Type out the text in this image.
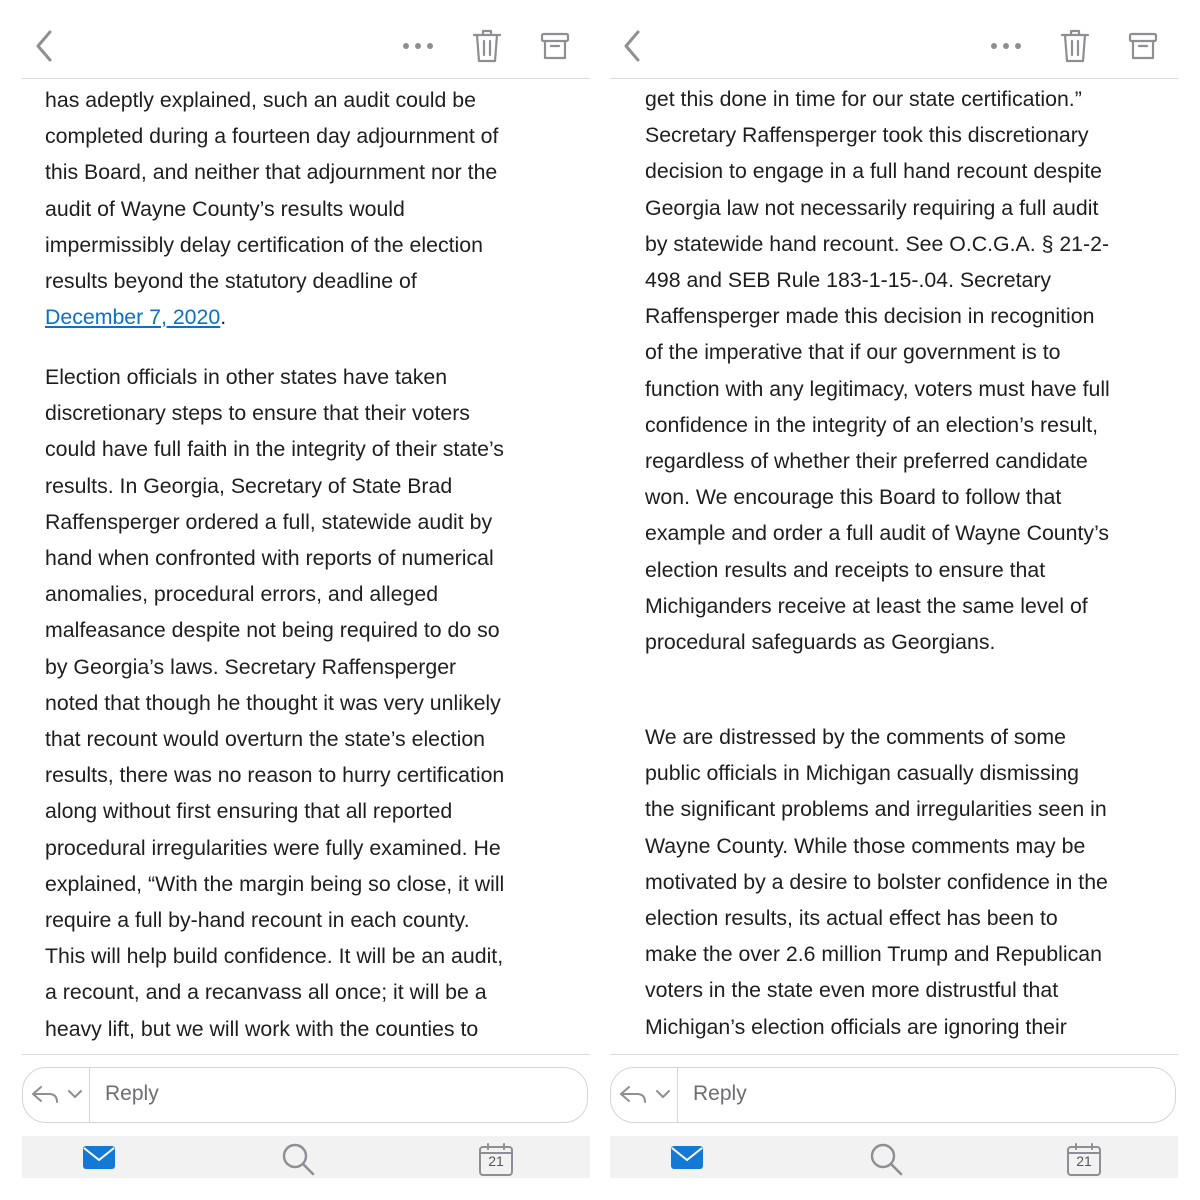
has adeptly explained, such an audit could be

completed during a fourteen day adjournment of

this Board, and neither that adjournment nor the

audit of Wayne County’s results would

impermissibly delay certification of the election

results beyond the statutory deadline of

December 7, 2020.

Election officials in other states have taken

discretionary steps to ensure that their voters

could have full faith in the integrity of their state’s

results. In Georgia, Secretary of State Brad

Raffensperger ordered a full, statewide audit by

hand when confronted with reports of numerical

anomalies, procedural errors, and alleged

malfeasance despite not being required to do so

by Georgia’s laws. Secretary Raffensperger

noted that though he thought it was very unlikely

that recount would overturn the state’s election

results, there was no reason to hurry certification

along without first ensuring that all reported

procedural irregularities were fully examined. He

explained, “With the margin being so close, it will

require a full by-hand recount in each county.

This will help build confidence. It will be an audit,

a recount, and a recanvass all once; it will be a

heavy lift, but we will work with the counties to

Reply
21

get this done in time for our state certification.”

Secretary Raffensperger took this discretionary

decision to engage in a full hand recount despite

Georgia law not necessarily requiring a full audit

by statewide hand recount. See O.C.G.A. § 21-2-

498 and SEB Rule 183-1-15-.04. Secretary

Raffensperger made this decision in recognition

of the imperative that if our government is to

function with any legitimacy, voters must have full

confidence in the integrity of an election’s result,

regardless of whether their preferred candidate

won. We encourage this Board to follow that

example and order a full audit of Wayne County’s

election results and receipts to ensure that

Michiganders receive at least the same level of

procedural safeguards as Georgians.

We are distressed by the comments of some

public officials in Michigan casually dismissing

the significant problems and irregularities seen in

Wayne County. While those comments may be

motivated by a desire to bolster confidence in the

election results, its actual effect has been to

make the over 2.6 million Trump and Republican

voters in the state even more distrustful that

Michigan’s election officials are ignoring their

Reply
21
